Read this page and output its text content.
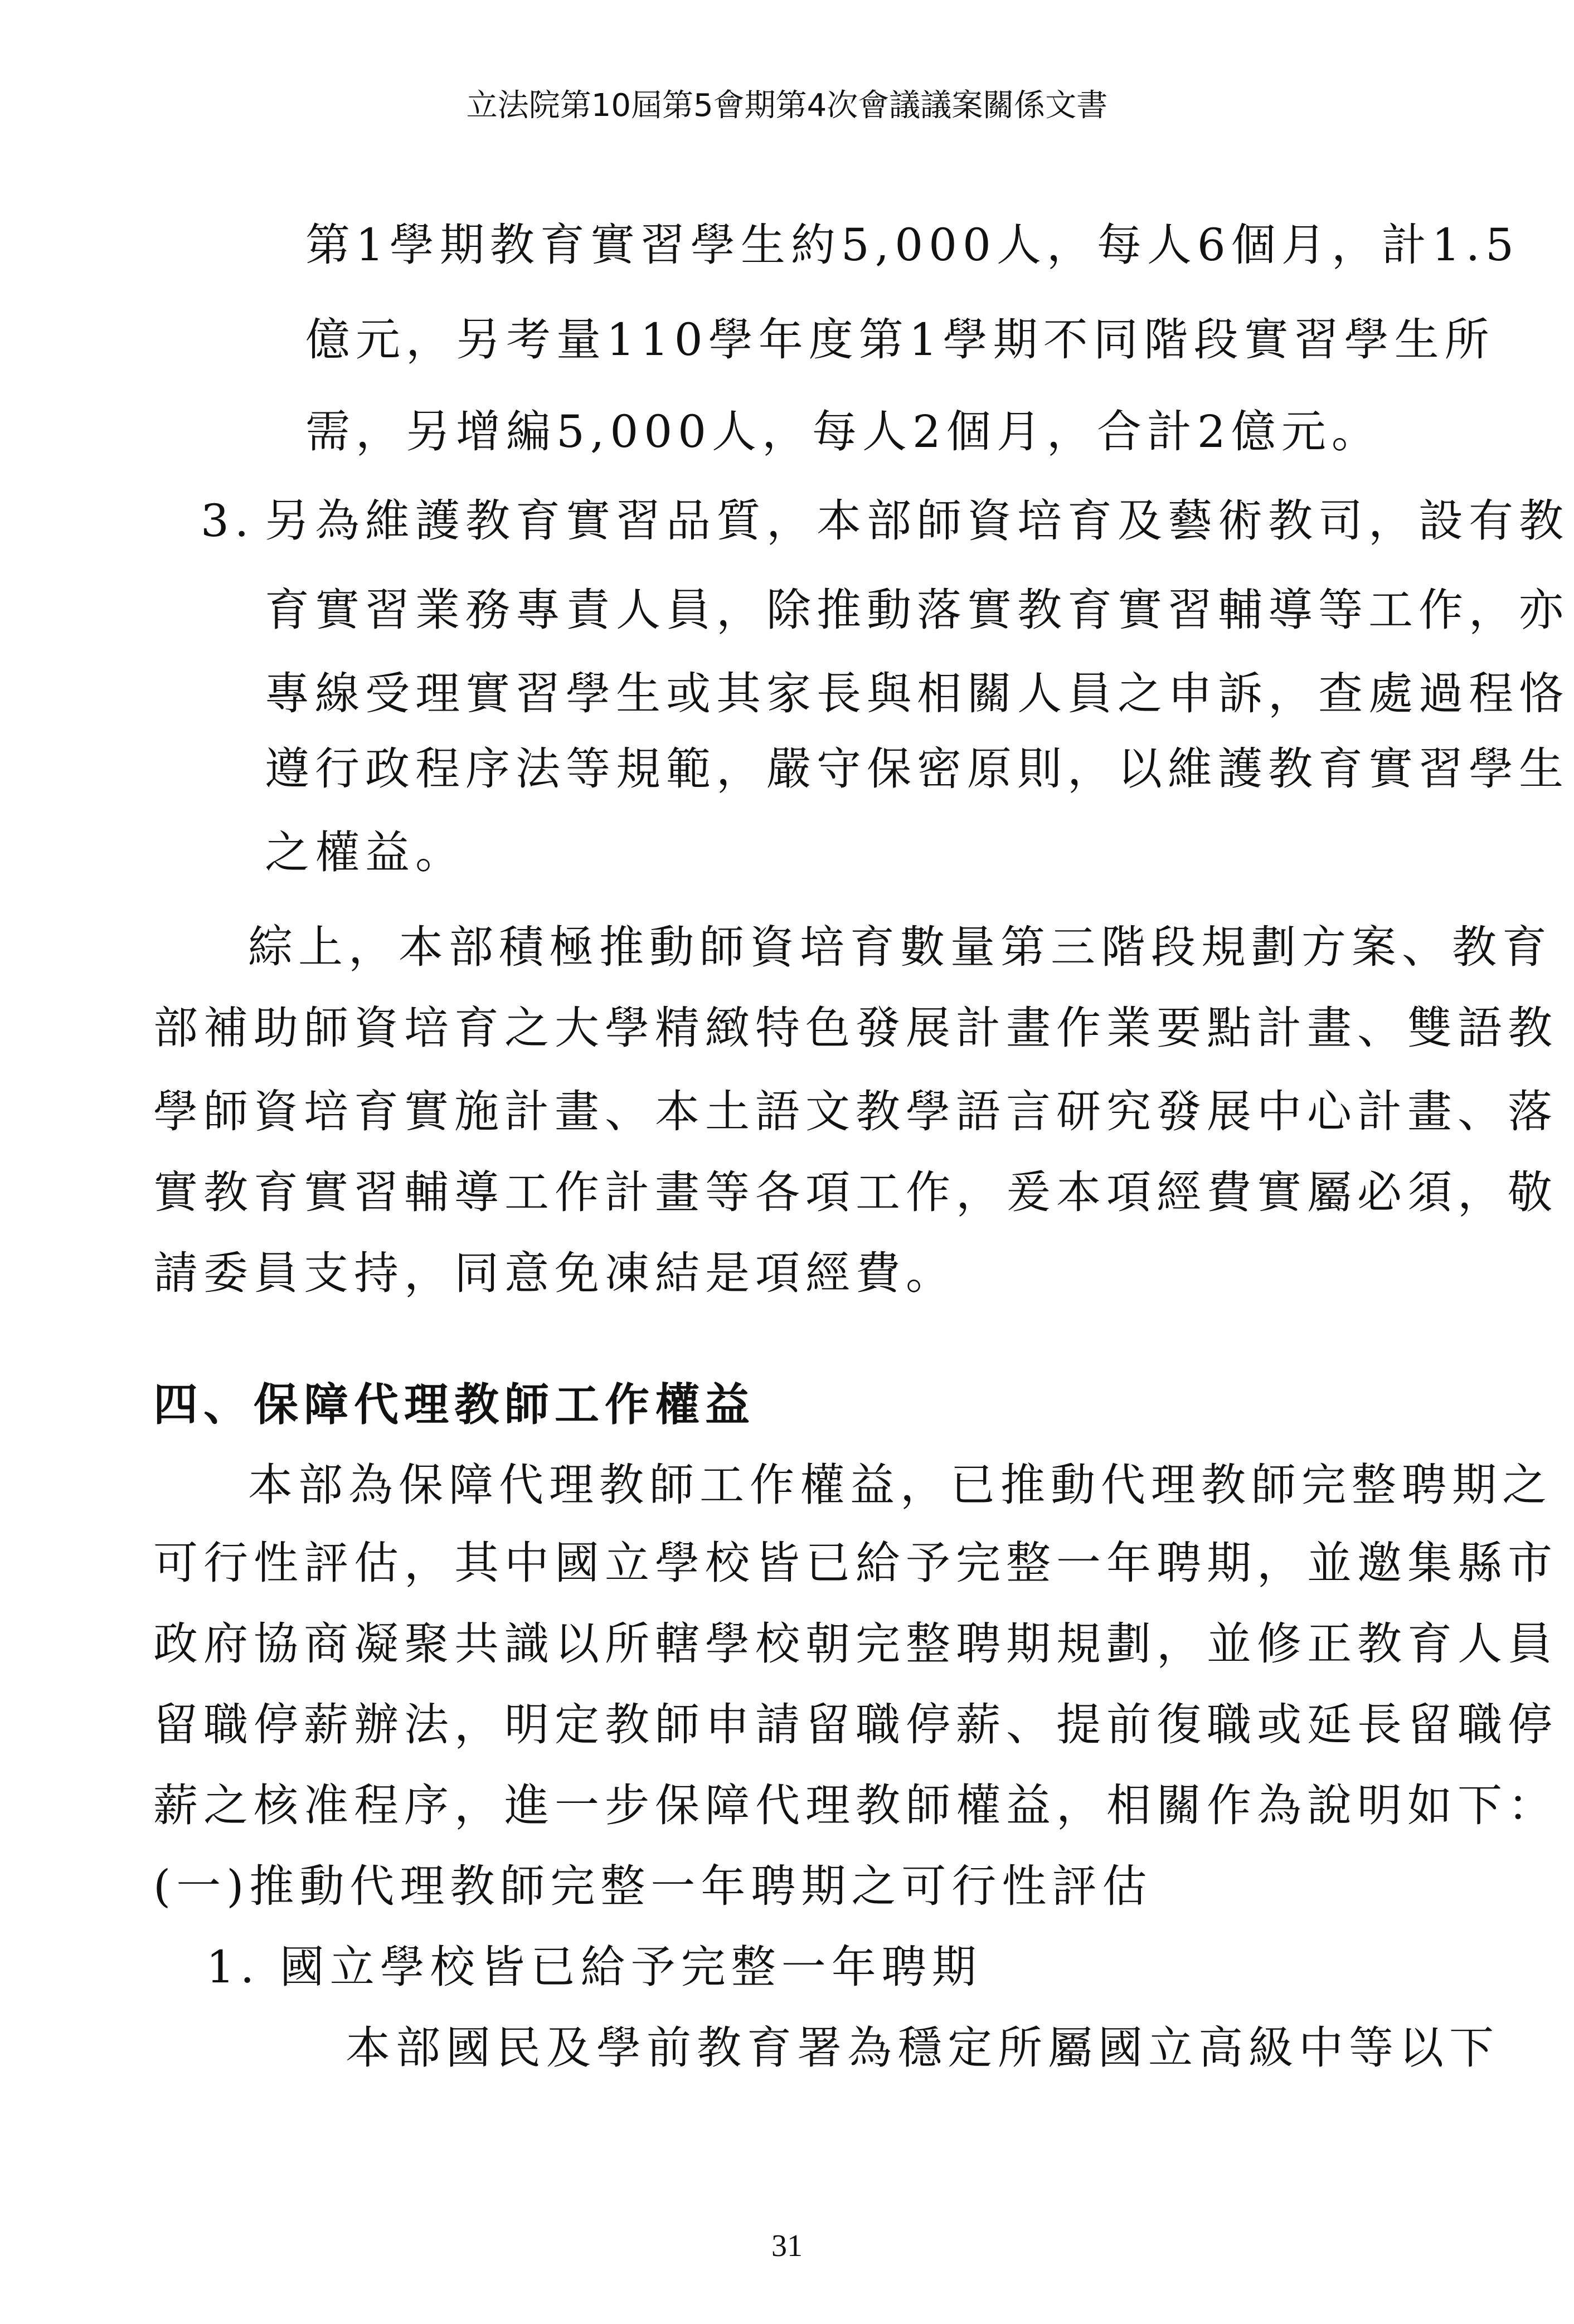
立法院第10屆第5會期第4次會議議案關係文書
第1學期教育實習學生約5,000人，每人6個月，計1.5
億元，另考量110學年度第1學期不同階段實習學生所
需，另增編5,000人，每人2個月，合計2億元。
3. 另為維護教育實習品質，本部師資培育及藝術教司，設有教
育實習業務專責人員，除推動落實教育實習輔導等工作，亦
專線受理實習學生或其家長與相關人員之申訴，查處過程恪
遵行政程序法等規範，嚴守保密原則，以維護教育實習學生
之權益。
綜上，本部積極推動師資培育數量第三階段規劃方案、教育
部補助師資培育之大學精緻特色發展計畫作業要點計畫、雙語教
學師資培育實施計畫、本土語文教學語言研究發展中心計畫、落
實教育實習輔導工作計畫等各項工作，爰本項經費實屬必須，敬
請委員支持，同意免凍結是項經費。
四、保障代理教師工作權益
本部為保障代理教師工作權益，已推動代理教師完整聘期之
可行性評估，其中國立學校皆已給予完整一年聘期，並邀集縣市
政府協商凝聚共識以所轄學校朝完整聘期規劃，並修正教育人員
留職停薪辦法，明定教師申請留職停薪、提前復職或延長留職停
薪之核准程序，進一步保障代理教師權益，相關作為說明如下：
(一)推動代理教師完整一年聘期之可行性評估
1. 國立學校皆已給予完整一年聘期
本部國民及學前教育署為穩定所屬國立高級中等以下
31
